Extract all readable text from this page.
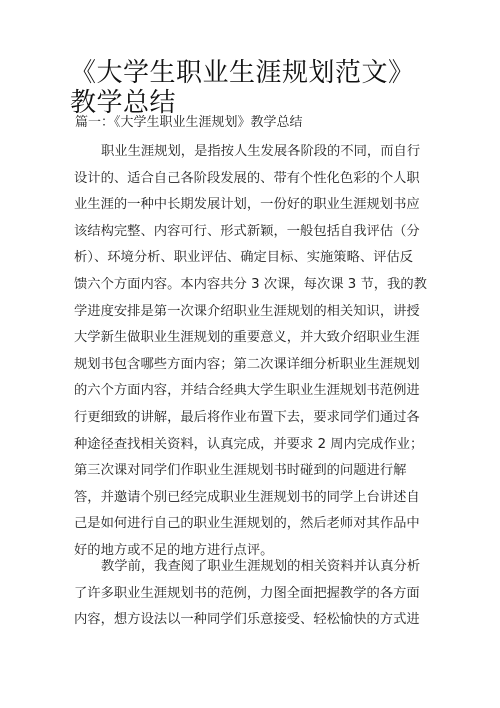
《大学生职业生涯规划范文》教学总结
篇一：《大学生职业生涯规划》教学总结
职业生涯规划，是指按人生发展各阶段的不同，而自行
设计的、适合自己各阶段发展的、带有个性化色彩的个人职
业生涯的一种中长期发展计划，一份好的职业生涯规划书应
该结构完整、内容可行、形式新颖，一般包括自我评估（分
析）、环境分析、职业评估、确定目标、实施策略、评估反
馈六个方面内容。本内容共分 3 次课，每次课 3 节，我的教
学进度安排是第一次课介绍职业生涯规划的相关知识，讲授
大学新生做职业生涯规划的重要意义，并大致介绍职业生涯
规划书包含哪些方面内容；第二次课详细分析职业生涯规划
的六个方面内容，并结合经典大学生职业生涯规划书范例进
行更细致的讲解，最后将作业布置下去，要求同学们通过各
种途径查找相关资料，认真完成，并要求 2 周内完成作业；
第三次课对同学们作职业生涯规划书时碰到的问题进行解
答，并邀请个别已经完成职业生涯规划书的同学上台讲述自
己是如何进行自己的职业生涯规划的，然后老师对其作品中
好的地方或不足的地方进行点评。
教学前，我查阅了职业生涯规划的相关资料并认真分析
了许多职业生涯规划书的范例，力图全面把握教学的各方面
内容，想方设法以一种同学们乐意接受、轻松愉快的方式进
